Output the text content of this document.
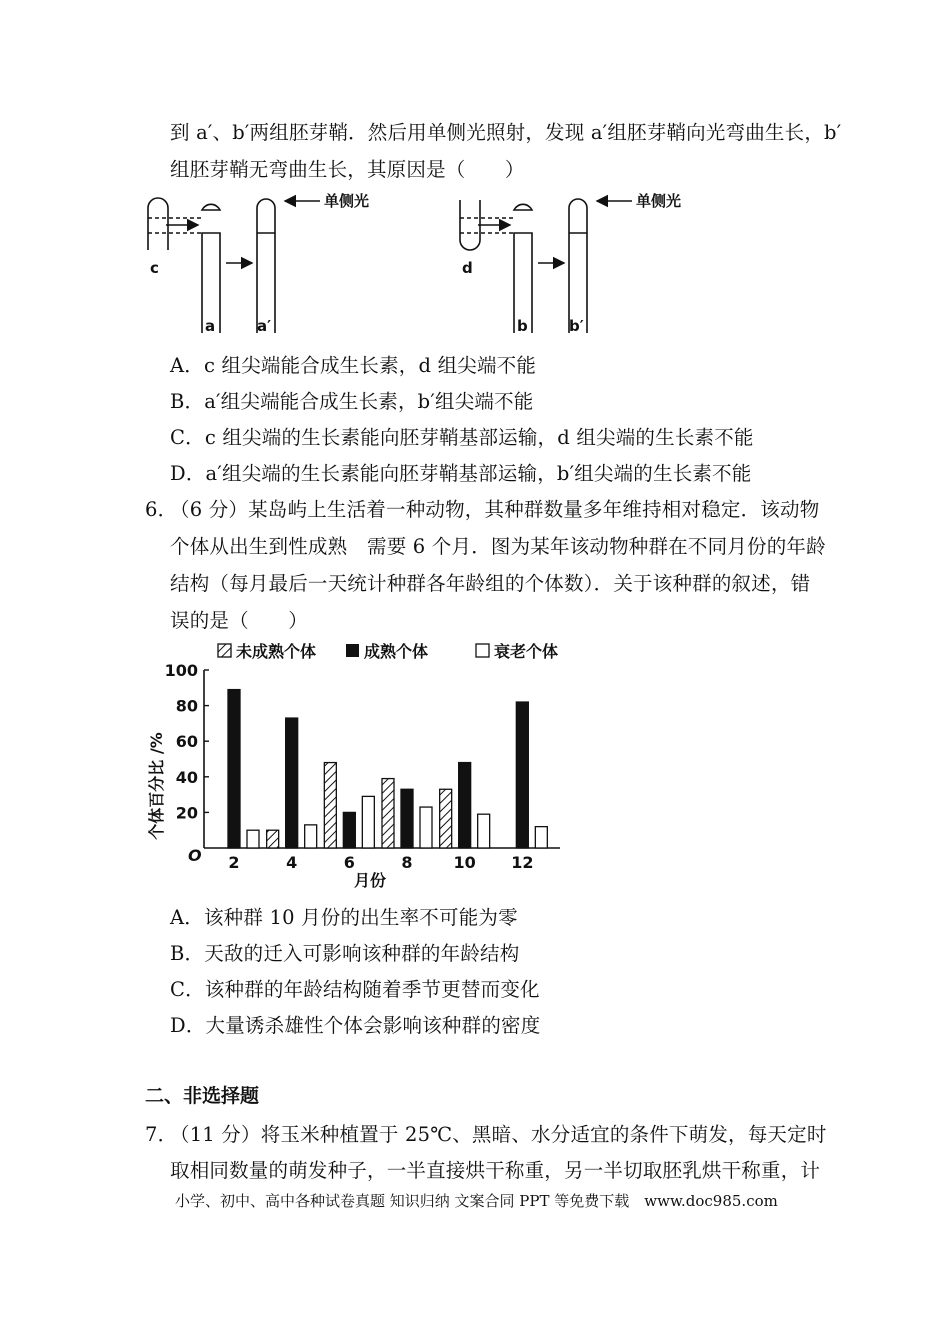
到 a′、b′两组胚芽鞘．然后用单侧光照射，发现 a′组胚芽鞘向光弯曲生长，b′
组胚芽鞘无弯曲生长，其原因是（　　）
单侧光	单侧光
c
a	a′
d
b	b′
A．c 组尖端能合成生长素，d 组尖端不能
B．a′组尖端能合成生长素，b′组尖端不能
C．c 组尖端的生长素能向胚芽鞘基部运输，d 组尖端的生长素不能
D．a′组尖端的生长素能向胚芽鞘基部运输，b′组尖端的生长素不能
6．
（6 分）某岛屿上生活着一种动物，其种群数量多年维持相对稳定．该动物
个体从出生到性成熟　需要 6 个月．图为某年该动物种群在不同月份的年龄
结构（每月最后一天统计种群各年龄组的个体数）．关于该种群的叙述，错
误的是（　　）
未成熟个体	成熟个体	衰老个体
个体百分比 /%
月份
O
20
40
60
80
100
2	4	6	8	10 12
A．该种群 10 月份的出生率不可能为零
B．天敌的迁入可影响该种群的年龄结构
C．该种群的年龄结构随着季节更替而变化
D．大量诱杀雄性个体会影响该种群的密度
二、非选择题
7．
（11 分）将玉米种植置于 25℃、黑暗、水分适宜的条件下萌发，每天定时
取相同数量的萌发种子，一半直接烘干称重，另一半切取胚乳烘干称重，计
小学、初中、高中各种试卷真题 知识归纳 文案合同 PPT 等免费下载　www.doc985.com
